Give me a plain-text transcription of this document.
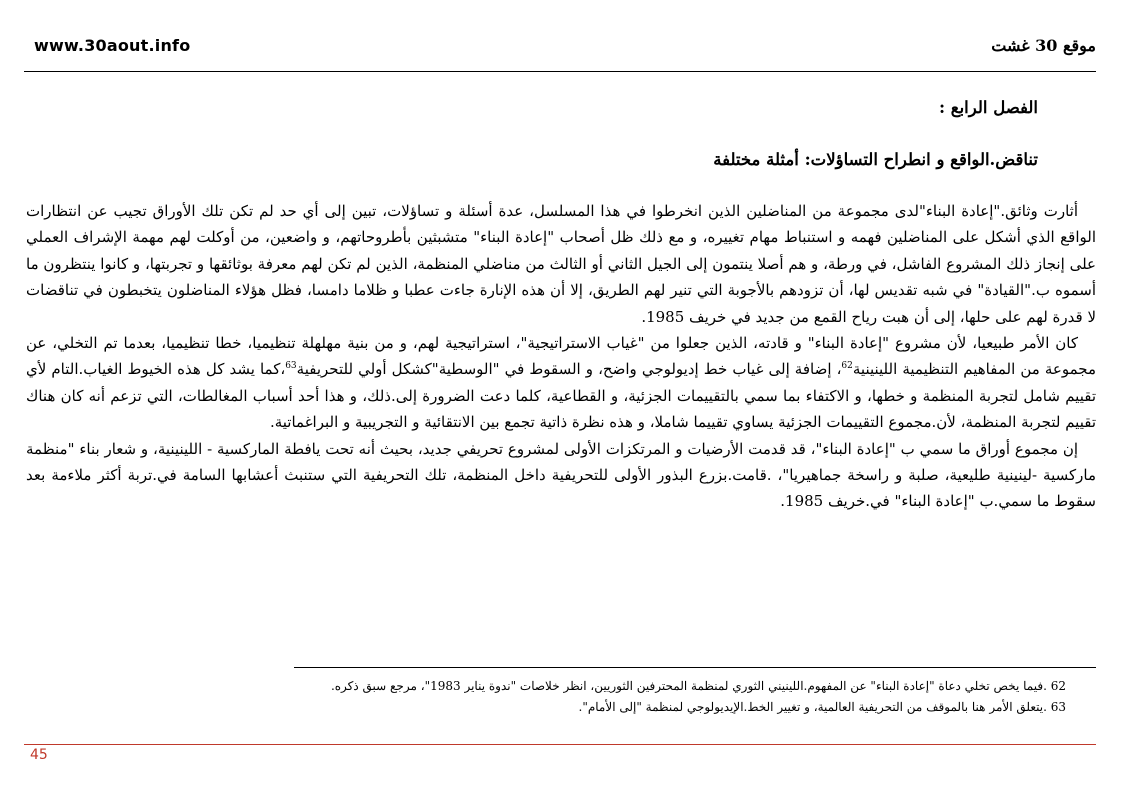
www.30aout.info	موقع 30 غشت
الفصل الرابع :
تناقض.الواقع و انطراح التساؤلات: أمثلة مختلفة

أثارت وثائق."إعادة البناء"لدى مجموعة من المناضلين الذين انخرطوا في هذا المسلسل، عدة أسئلة و تساؤلات، تبين إلى أي حد لم تكن تلك الأوراق تجيب عن انتظارات الواقع الذي أشكل على المناضلين فهمه و استنباط مهام تغييره، و مع ذلك ظل أصحاب "إعادة البناء" متشبثين بأطروحاتهم، و واضعين، من أوكلت لهم مهمة الإشراف العملي على إنجاز ذلك المشروع الفاشل، في ورطة، و هم أصلا ينتمون إلى الجيل الثاني أو الثالث من مناضلي المنظمة، الذين لم تكن لهم معرفة بوثائقها و تجربتها، و كانوا ينتظرون ما أسموه ب."القيادة" في شبه تقديس لها، أن تزودهم بالأجوبة التي تنير لهم الطريق، إلا أن هذه الإنارة جاءت عطبا و ظلاما دامسا، فظل هؤلاء المناضلون يتخبطون في تناقضات لا قدرة لهم على حلها، إلى أن هبت رياح القمع من جديد في خريف 1985.

كان الأمر طبيعيا، لأن مشروع "إعادة البناء" و قادته، الذين جعلوا من "غياب الاستراتيجية"، استراتيجية لهم، و من بنية مهلهلة تنظيميا، خطا تنظيميا، بعدما تم التخلي، عن مجموعة من المفاهيم التنظيمية اللينينية$^{62}$، إضافة إلى غياب خط إديولوجي واضح، و السقوط في "الوسطية"كشكل أولي للتحريفية$^{63}$،كما يشد كل هذه الخيوط الغياب.التام لأي تقييم شامل لتجربة المنظمة و خطها، و الاكتفاء بما سمي بالتقييمات الجزئية، و القطاعية، كلما دعت الضرورة إلى.ذلك، و هذا أحد أسباب المغالطات، التي تزعم أنه كان هناك تقييم لتجربة المنظمة، لأن.مجموع التقييمات الجزئية يساوي تقييما شاملا، و هذه نظرة ذاتية تجمع بين الانتقائية و التجريبية و البراغماتية.

إن مجموع أوراق ما سمي ب "إعادة البناء"، قد قدمت الأرضيات و المرتكزات الأولى لمشروع تحريفي جديد، بحيث أنه تحت يافطة الماركسية - اللينينية، و شعار بناء "منظمة ماركسية -لينينية طليعية، صلبة و راسخة جماهيريا"، .قامت.بزرع البذور الأولى للتحريفية داخل المنظمة، تلك التحريفية التي ستنبث أعشابها السامة في.تربة أكثر ملاءمة بعد سقوط ما سمي.ب "إعادة البناء" في.خريف 1985.

62 .فيما يخص تخلي دعاة "إعادة البناء" عن المفهوم.اللينيني الثوري لمنظمة المحترفين الثوريين، انظر خلاصات "ندوة يناير 1983"، مرجع سبق ذكره.

63 .يتعلق الأمر هنا بالموقف من التحريفية العالمية، و تغيير الخط.الإيديولوجي لمنظمة "إلى الأمام".

45
